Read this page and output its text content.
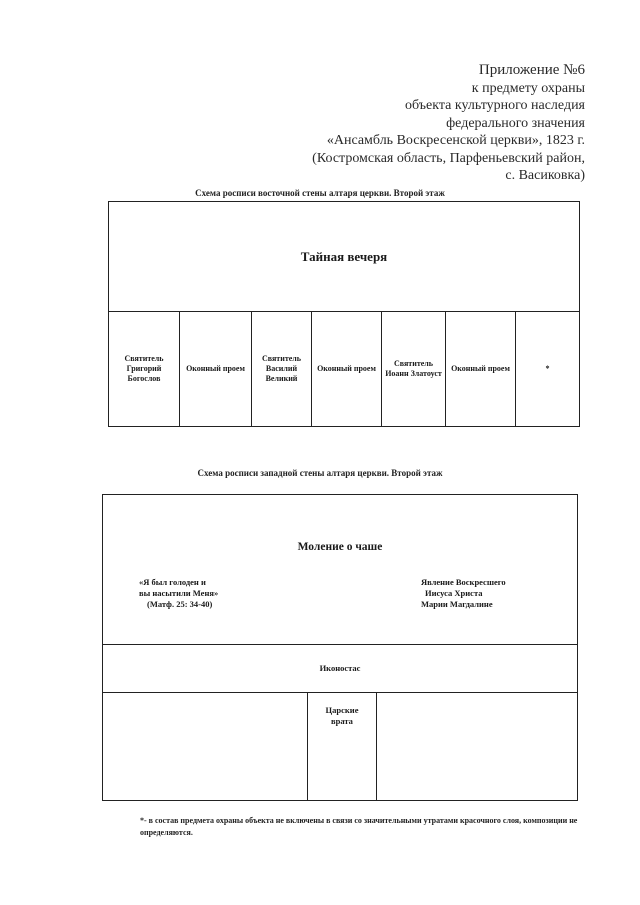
Приложение №6
к предмету охраны
объекта культурного наследия
федерального значения
«Ансамбль Воскресенской церкви», 1823 г.
(Костромская область, Парфеньевский район,
с. Васиковка)
Схема росписи восточной стены алтаря церкви. Второй этаж
Тайная вечеря
Святитель Григорий Богослов
Оконный проем
Святитель Василий Великий
Оконный проем
Святитель Иоанн Златоуст
Оконный проем	*
Схема росписи западной стены алтаря церкви. Второй этаж
Моление о чаше
«Я был голоден и
вы насытили Меня»
(Матф. 25: 34-40)
Явление Воскресшего
Иисуса Христа
Марии Магдалине
Иконостас
Царские врата
*- в состав предмета охраны объекта не включены в связи со значительными утратами красочного слоя, композиции не определяются.
